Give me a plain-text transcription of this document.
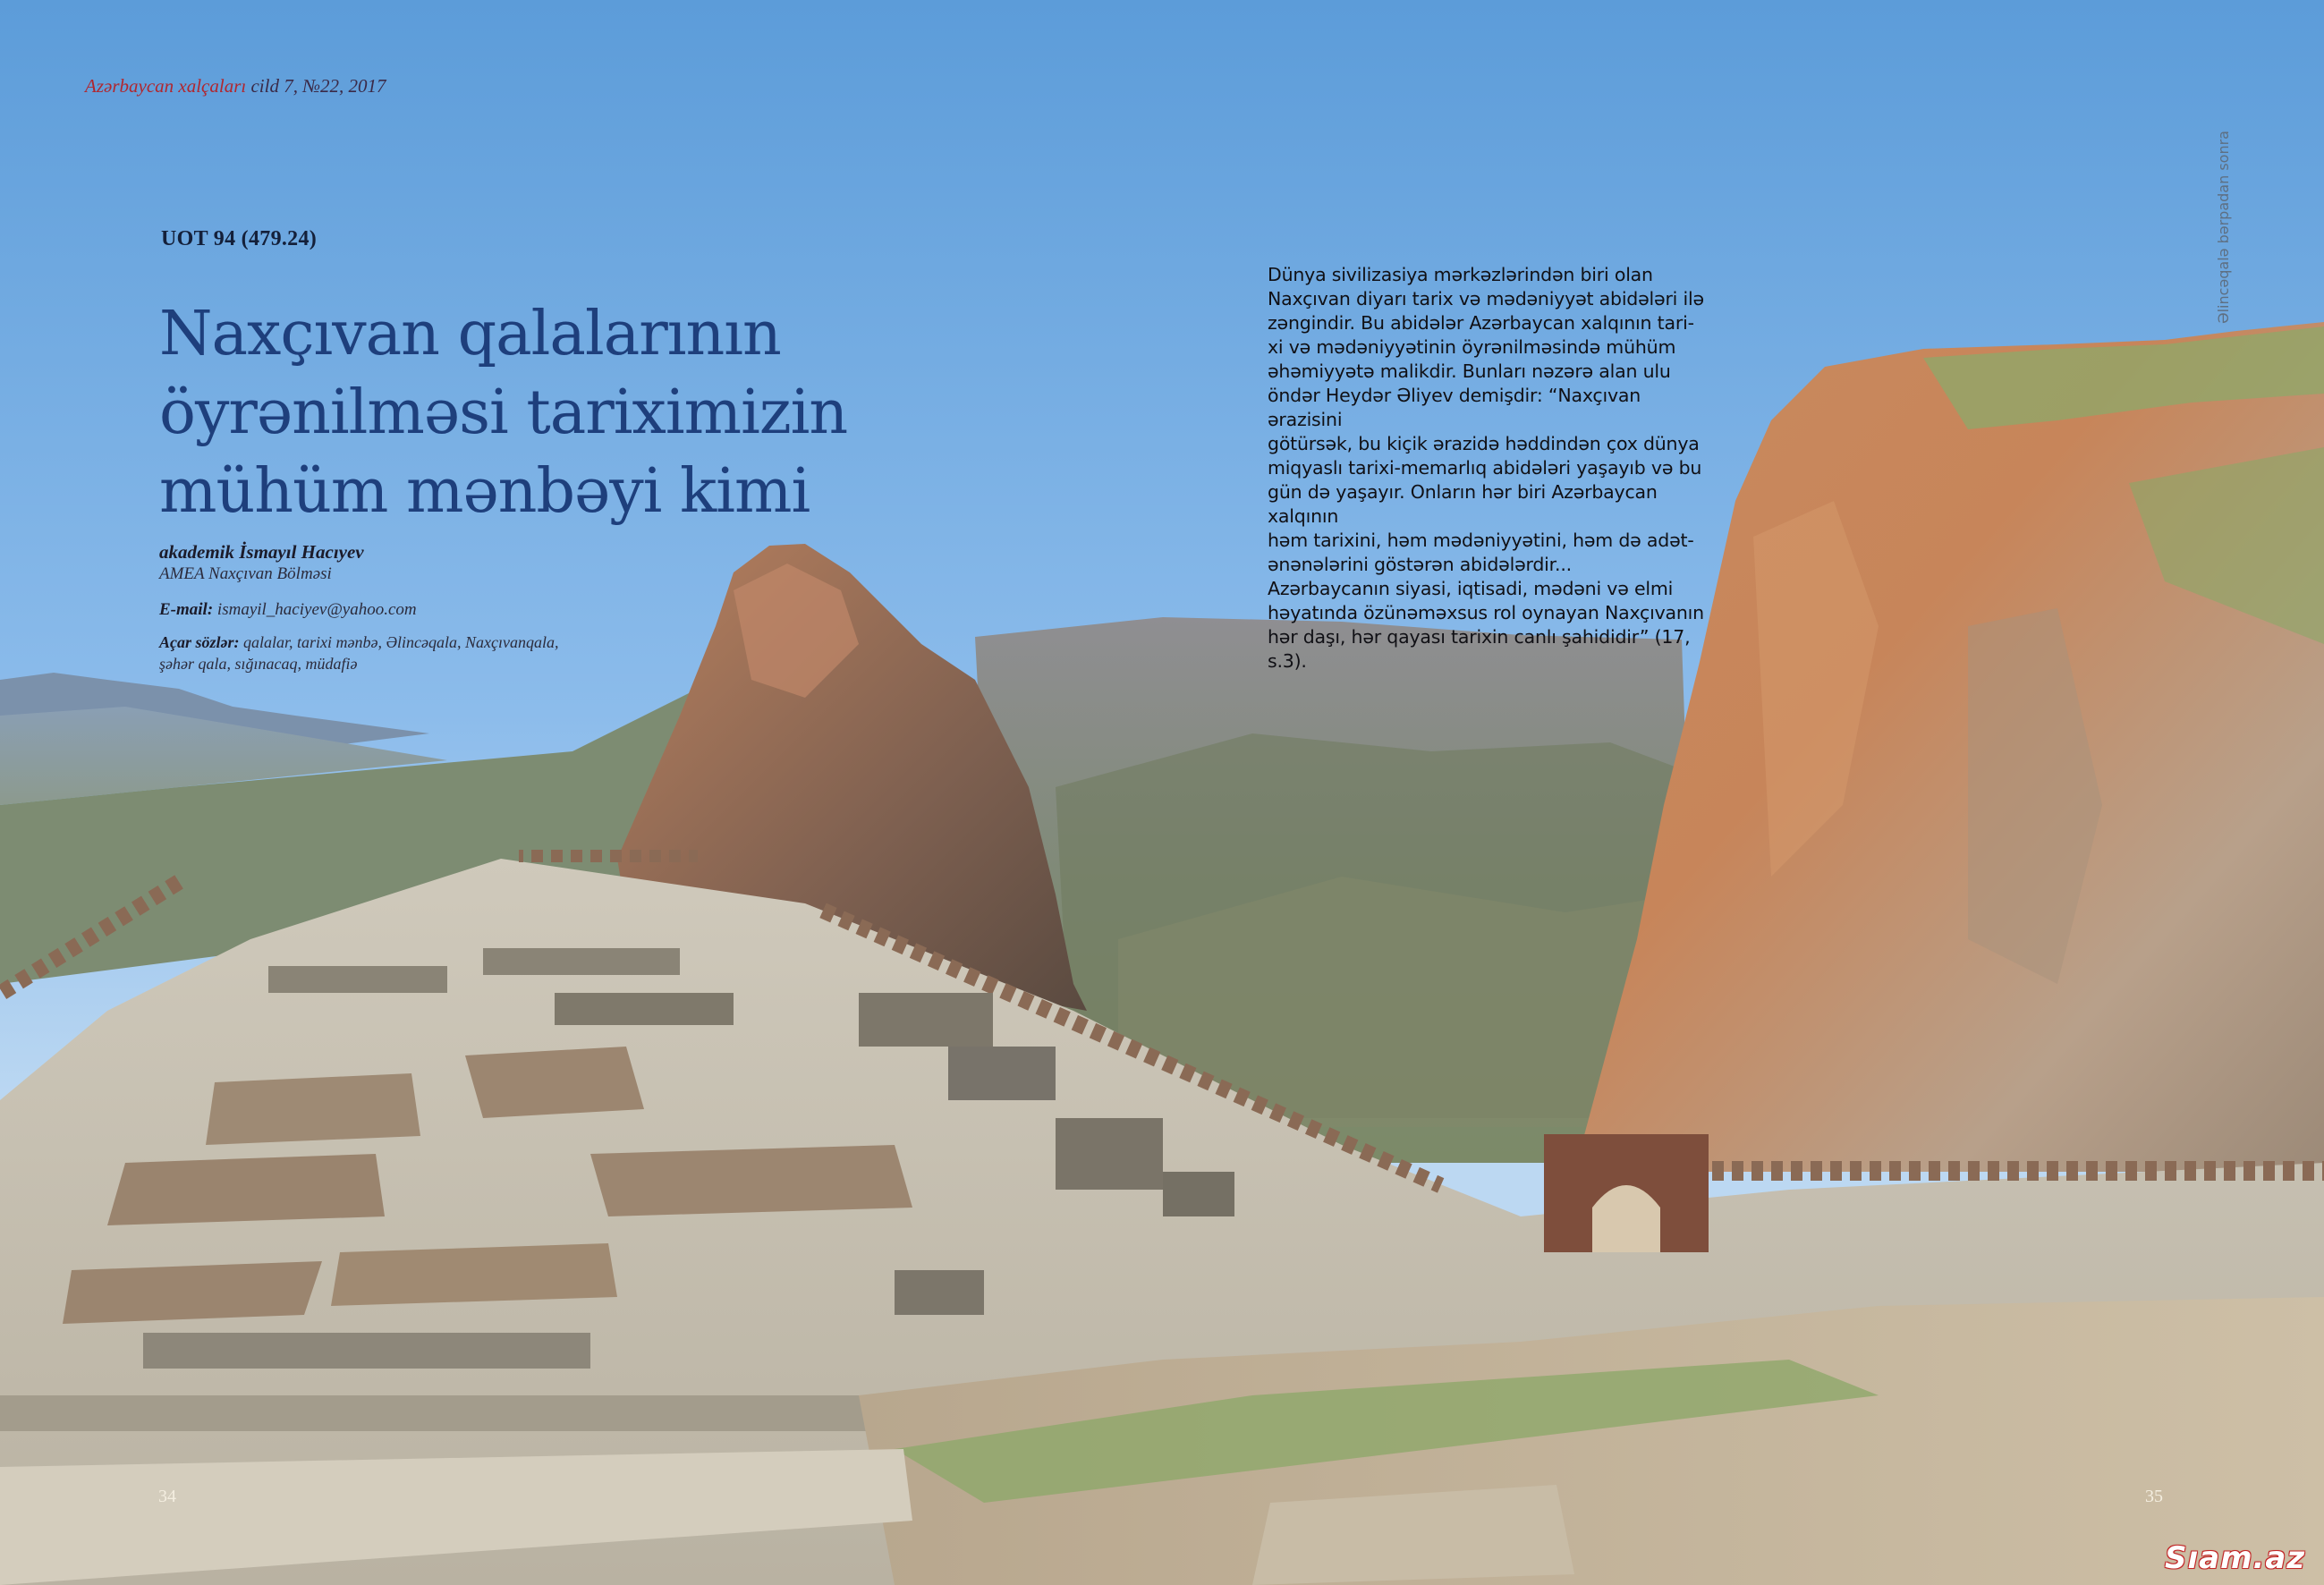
Azərbaycan xalçaları cild 7, №22, 2017
Əlincəqalə bərpadan sonra
UOT 94 (479.24)
Naxçıvan qalalarının
öyrənilməsi tariximizin
mühüm mənbəyi kimi
akademik İsmayıl Hacıyev
AMEA Naxçıvan Bölməsi
E-mail: ismayil_haciyev@yahoo.com
Açar sözlər: qalalar, tarixi mənbə, Əlincəqala, Naxçıvanqala,
şəhər qala, sığınacaq, müdafiə

Dünya sivilizasiya mərkəzlərindən biri olan

Naxçıvan diyarı tarix və mədəniyyət abidələri ilə

zəngindir. Bu abidələr Azərbaycan xalqının tari-

xi və mədəniyyətinin öyrənilməsində mühüm

əhəmiyyətə malikdir. Bunları nəzərə alan ulu

öndər Heydər Əliyev demişdir: “Naxçıvan ərazisini

götürsək, bu kiçik ərazidə həddindən çox dünya

miqyaslı tarixi-memarlıq abidələri yaşayıb və bu

gün də yaşayır. Onların hər biri Azərbaycan xalqının

həm tarixini, həm mədəniyyətini, həm də adət-

ənənələrini göstərən abidələrdir...

Azərbaycanın siyasi, iqtisadi, mədəni və elmi

həyatında özünəməxsus rol oynayan Naxçıvanın

hər daşı, hər qayası tarixin canlı şahididir” (17, s.3).

34	35
Sıam.az
